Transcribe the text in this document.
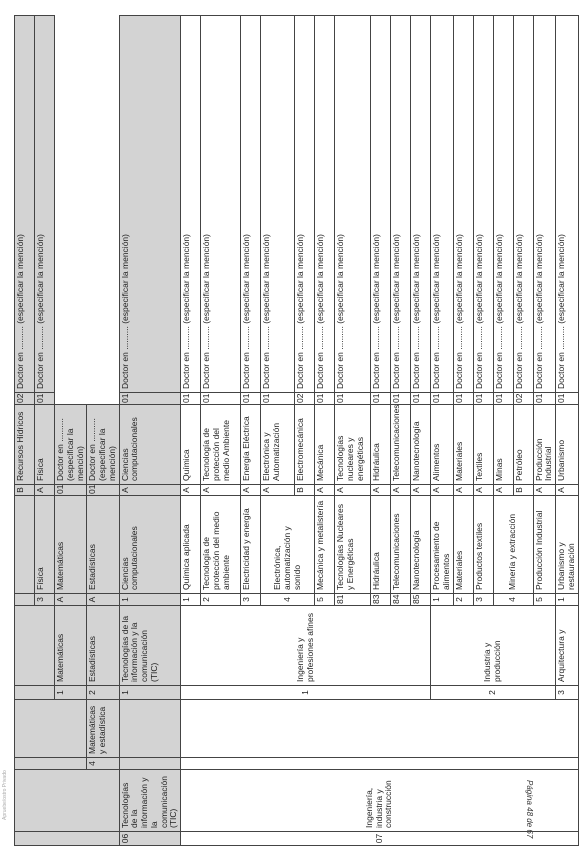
Apruebe/ostro Privado	Página 48 de 67
								B	Recursos Hídricos	02	Doctor en .......... (especificar la mención)
						3	Física	A	Física	01	Doctor en .......... (especificar la mención)
				1	Matemáticas	A	Matemáticas	01	Doctor en .......... (especificar la mención)		
		4	Matemáticas y estadística	2	Estadísticas	A	Estadísticas	01	Doctor en .......... (especificar la mención)		
06	Tecnologías de la información y la comunicación (TIC)			1	Tecnologías de la información y la comunicación (TIC)	1	Ciencias computacionales	A	Ciencias computacionales	01	Doctor en .......... (especificar la mención)
07	Ingeniería, industria y construcción			1	Ingeniería y profesiones afines	1	Química aplicada	A	Química	01	Doctor en .......... (especificar la mención)
						2	Tecnología de protección del medio ambiente	A	Tecnología de protección del medio Ambiente	01	Doctor en .......... (especificar la mención)
						3	Electricidad y energía	A	Energía Eléctrica	01	Doctor en .......... (especificar la mención)
						4	Electrónica, automatización y sonido	A	Electrónica y Automatización	01	Doctor en .......... (especificar la mención)
								B	Electromecánica	02	Doctor en .......... (especificar la mención)
						5	Mecánica y metalistería	A	Mecánica	01	Doctor en .......... (especificar la mención)
						81	Tecnologías Nucleares y Energéticas	A	Tecnologías nucleares y energéticas	01	Doctor en .......... (especificar la mención)
						83	Hidráulica	A	Hidráulica	01	Doctor en .......... (especificar la mención)
						84	Telecomunicaciones	A	Telecomunicaciones	01	Doctor en .......... (especificar la mención)
						85	Nanotecnología	A	Nanotecnología	01	Doctor en .......... (especificar la mención)
				2	Industria y producción	1	Procesamiento de alimentos	A	Alimentos	01	Doctor en .......... (especificar la mención)
						2	Materiales	A	Materiales	01	Doctor en .......... (especificar la mención)
						3	Productos textiles	A	Textiles	01	Doctor en .......... (especificar la mención)
						4	Minería y extracción	A	Minas	01	Doctor en .......... (especificar la mención)
								B	Petróleo	02	Doctor en .......... (especificar la mención)
						5	Producción Industrial	A	Producción Industrial	01	Doctor en .......... (especificar la mención)
				3	Arquitectura y	1	Urbanismo y restauración	A	Urbanismo	01	Doctor en .......... (especificar la mención)
